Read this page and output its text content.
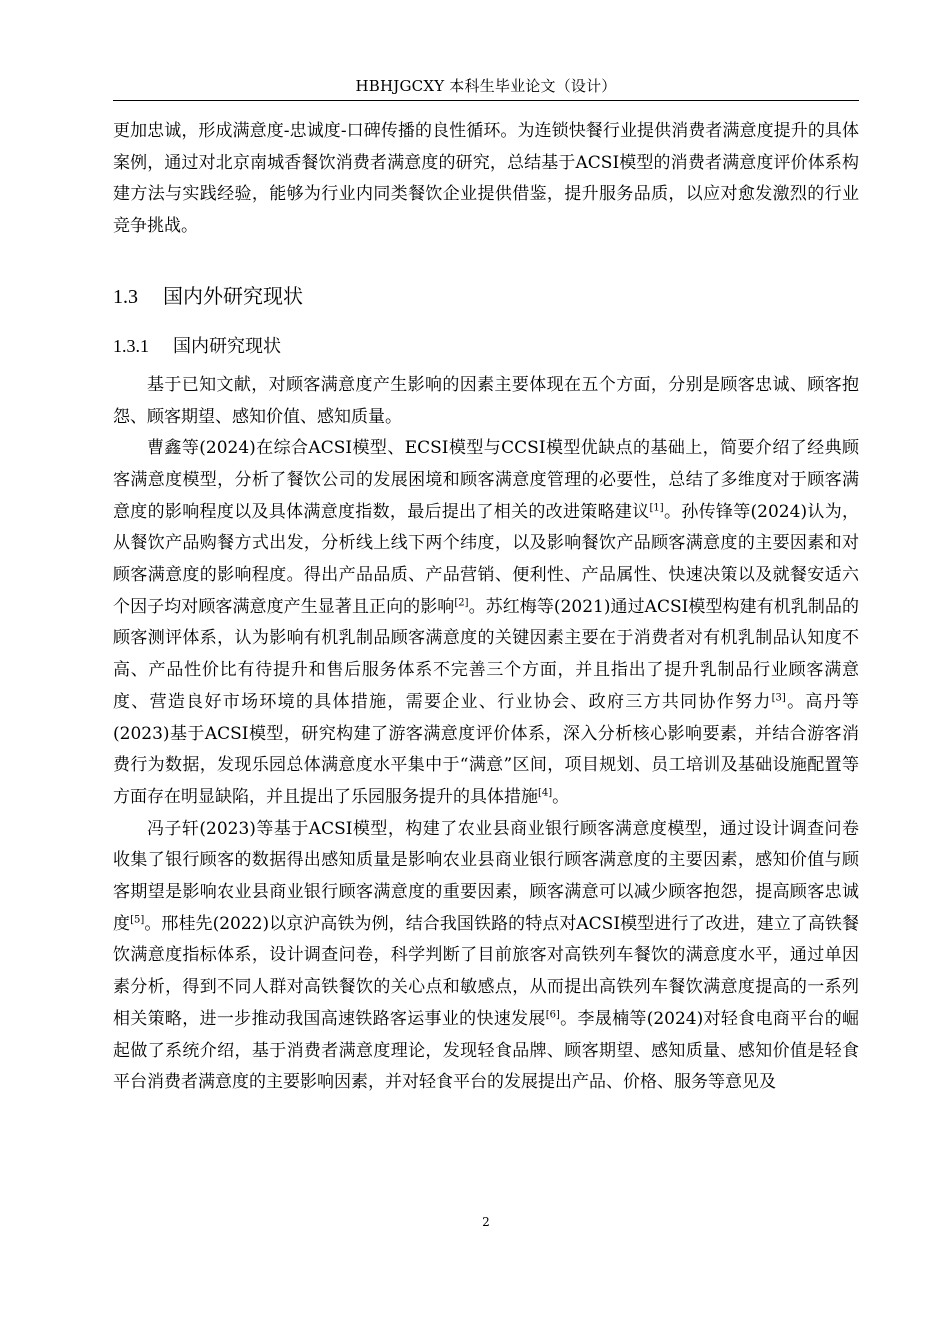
HBHJGCXY 本科生毕业论文（设计）

更加忠诚，形成满意度-忠诚度-口碑传播的良性循环。为连锁快餐行业提供消费者满意度提升的具体案例，通过对北京南城香餐饮消费者满意度的研究，总结基于ACSI模型的消费者满意度评价体系构建方法与实践经验，能够为行业内同类餐饮企业提供借鉴，提升服务品质，以应对愈发激烈的行业竞争挑战。

1.3 国内外研究现状
1.3.1 国内研究现状

基于已知文献，对顾客满意度产生影响的因素主要体现在五个方面，分别是顾客忠诚、顾客抱怨、顾客期望、感知价值、感知质量。

曹鑫等(2024)在综合ACSI模型、ECSI模型与CCSI模型优缺点的基础上，简要介绍了经典顾客满意度模型，分析了餐饮公司的发展困境和顾客满意度管理的必要性，总结了多维度对于顾客满意度的影响程度以及具体满意度指数，最后提出了相关的改进策略建议[1]。孙传锋等(2024)认为，从餐饮产品购餐方式出发，分析线上线下两个纬度，以及影响餐饮产品顾客满意度的主要因素和对顾客满意度的影响程度。得出产品品质、产品营销、便利性、产品属性、快速决策以及就餐安适六个因子均对顾客满意度产生显著且正向的影响[2]。苏红梅等(2021)通过ACSI模型构建有机乳制品的顾客测评体系，认为影响有机乳制品顾客满意度的关键因素主要在于消费者对有机乳制品认知度不高、产品性价比有待提升和售后服务体系不完善三个方面，并且指出了提升乳制品行业顾客满意度、营造良好市场环境的具体措施，需要企业、行业协会、政府三方共同协作努力[3]。高丹等(2023)基于ACSI模型，研究构建了游客满意度评价体系，深入分析核心影响要素，并结合游客消费行为数据，发现乐园总体满意度水平集中于“满意”区间，项目规划、员工培训及基础设施配置等方面存在明显缺陷，并且提出了乐园服务提升的具体措施[4]。

冯子轩(2023)等基于ACSI模型，构建了农业县商业银行顾客满意度模型，通过设计调查问卷收集了银行顾客的数据得出感知质量是影响农业县商业银行顾客满意度的主要因素，感知价值与顾客期望是影响农业县商业银行顾客满意度的重要因素，顾客满意可以减少顾客抱怨，提高顾客忠诚度[5]。邢桂先(2022)以京沪高铁为例，结合我国铁路的特点对ACSI模型进行了改进，建立了高铁餐饮满意度指标体系，设计调查问卷，科学判断了目前旅客对高铁列车餐饮的满意度水平，通过单因素分析，得到不同人群对高铁餐饮的关心点和敏感点，从而提出高铁列车餐饮满意度提高的一系列相关策略，进一步推动我国高速铁路客运事业的快速发展[6]。李晟楠等(2024)对轻食电商平台的崛起做了系统介绍，基于消费者满意度理论，发现轻食品牌、顾客期望、感知质量、感知价值是轻食平台消费者满意度的主要影响因素，并对轻食平台的发展提出产品、价格、服务等意见及

2
